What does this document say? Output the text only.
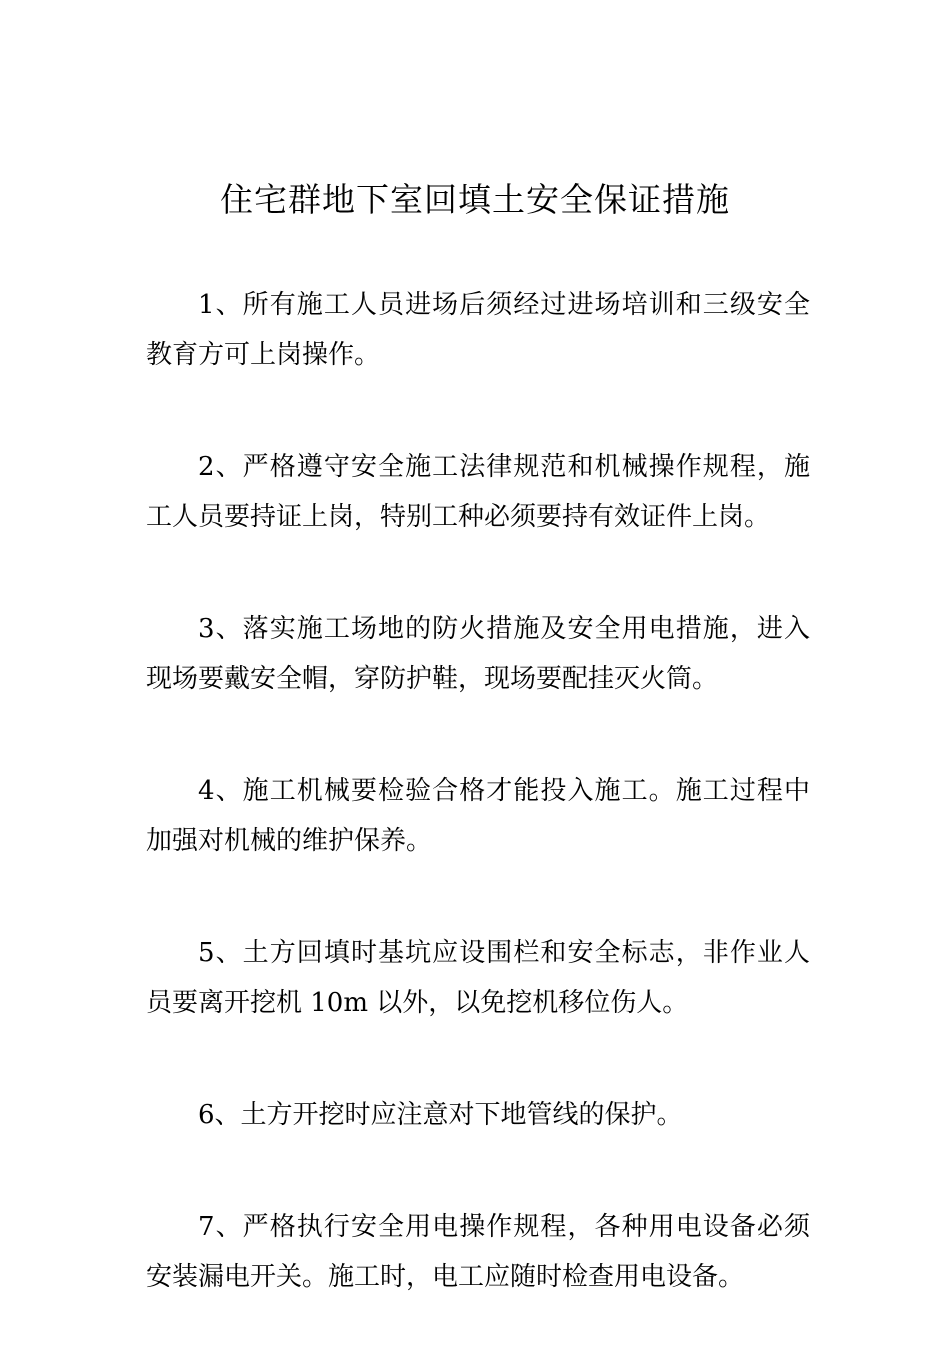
住宅群地下室回填土安全保证措施

1、所有施工人员进场后须经过进场培训和三级安全教育方可上岗操作。

2、严格遵守安全施工法律规范和机械操作规程，施工人员要持证上岗，特别工种必须要持有效证件上岗。

3、落实施工场地的防火措施及安全用电措施，进入现场要戴安全帽，穿防护鞋，现场要配挂灭火筒。

4、施工机械要检验合格才能投入施工。施工过程中加强对机械的维护保养。

5、土方回填时基坑应设围栏和安全标志，非作业人员要离开挖机 10m 以外，以免挖机移位伤人。

6、土方开挖时应注意对下地管线的保护。

7、严格执行安全用电操作规程，各种用电设备必须安装漏电开关。施工时，电工应随时检查用电设备。
